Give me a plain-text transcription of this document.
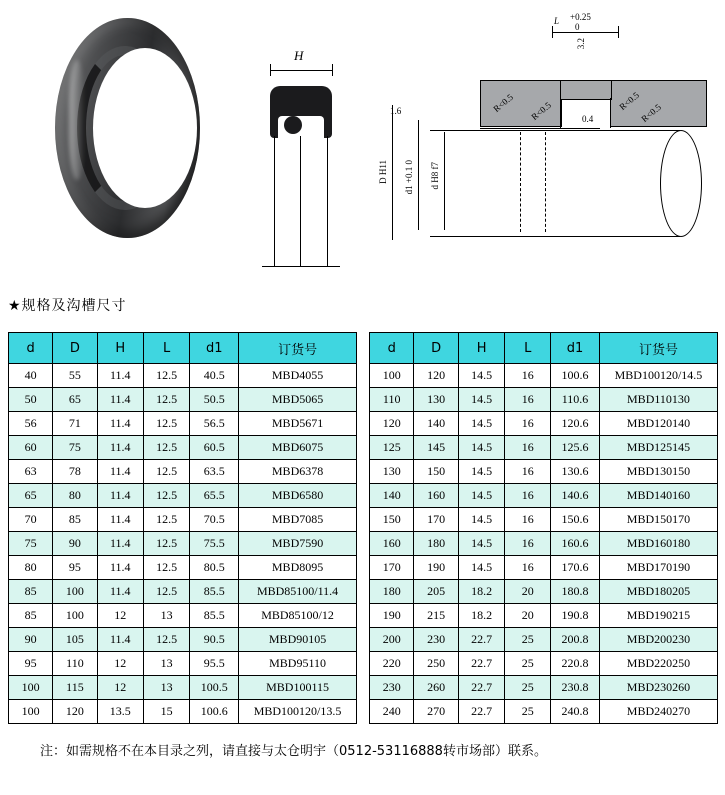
H
L +0.25
0
3.2
1.6
0.4
R<0.5 R<0.5	R<0.5
R<0.5
D H11 d1 +0.1 0 d H8 f7
★规格及沟槽尺寸
d	D	H	L	d1	订货号
40	55	11.4	12.5	40.5	MBD4055
50	65	11.4	12.5	50.5	MBD5065
56	71	11.4	12.5	56.5	MBD5671
60	75	11.4	12.5	60.5	MBD6075
63	78	11.4	12.5	63.5	MBD6378
65	80	11.4	12.5	65.5	MBD6580
70	85	11.4	12.5	70.5	MBD7085
75	90	11.4	12.5	75.5	MBD7590
80	95	11.4	12.5	80.5	MBD8095
85	100	11.4	12.5	85.5	MBD85100/11.4
85	100	12	13	85.5	MBD85100/12
90	105	11.4	12.5	90.5	MBD90105
95	110	12	13	95.5	MBD95110
100	115	12	13	100.5	MBD100115
100	120	13.5	15	100.6	MBD100120/13.5
d	D	H	L	d1	订货号
100	120	14.5	16	100.6	MBD100120/14.5
110	130	14.5	16	110.6	MBD110130
120	140	14.5	16	120.6	MBD120140
125	145	14.5	16	125.6	MBD125145
130	150	14.5	16	130.6	MBD130150
140	160	14.5	16	140.6	MBD140160
150	170	14.5	16	150.6	MBD150170
160	180	14.5	16	160.6	MBD160180
170	190	14.5	16	170.6	MBD170190
180	205	18.2	20	180.8	MBD180205
190	215	18.2	20	190.8	MBD190215
200	230	22.7	25	200.8	MBD200230
220	250	22.7	25	220.8	MBD220250
230	260	22.7	25	230.8	MBD230260
240	270	22.7	25	240.8	MBD240270
注：如需规格不在本目录之列，请直接与太仓明宇（0512-53116888转市场部）联系。
